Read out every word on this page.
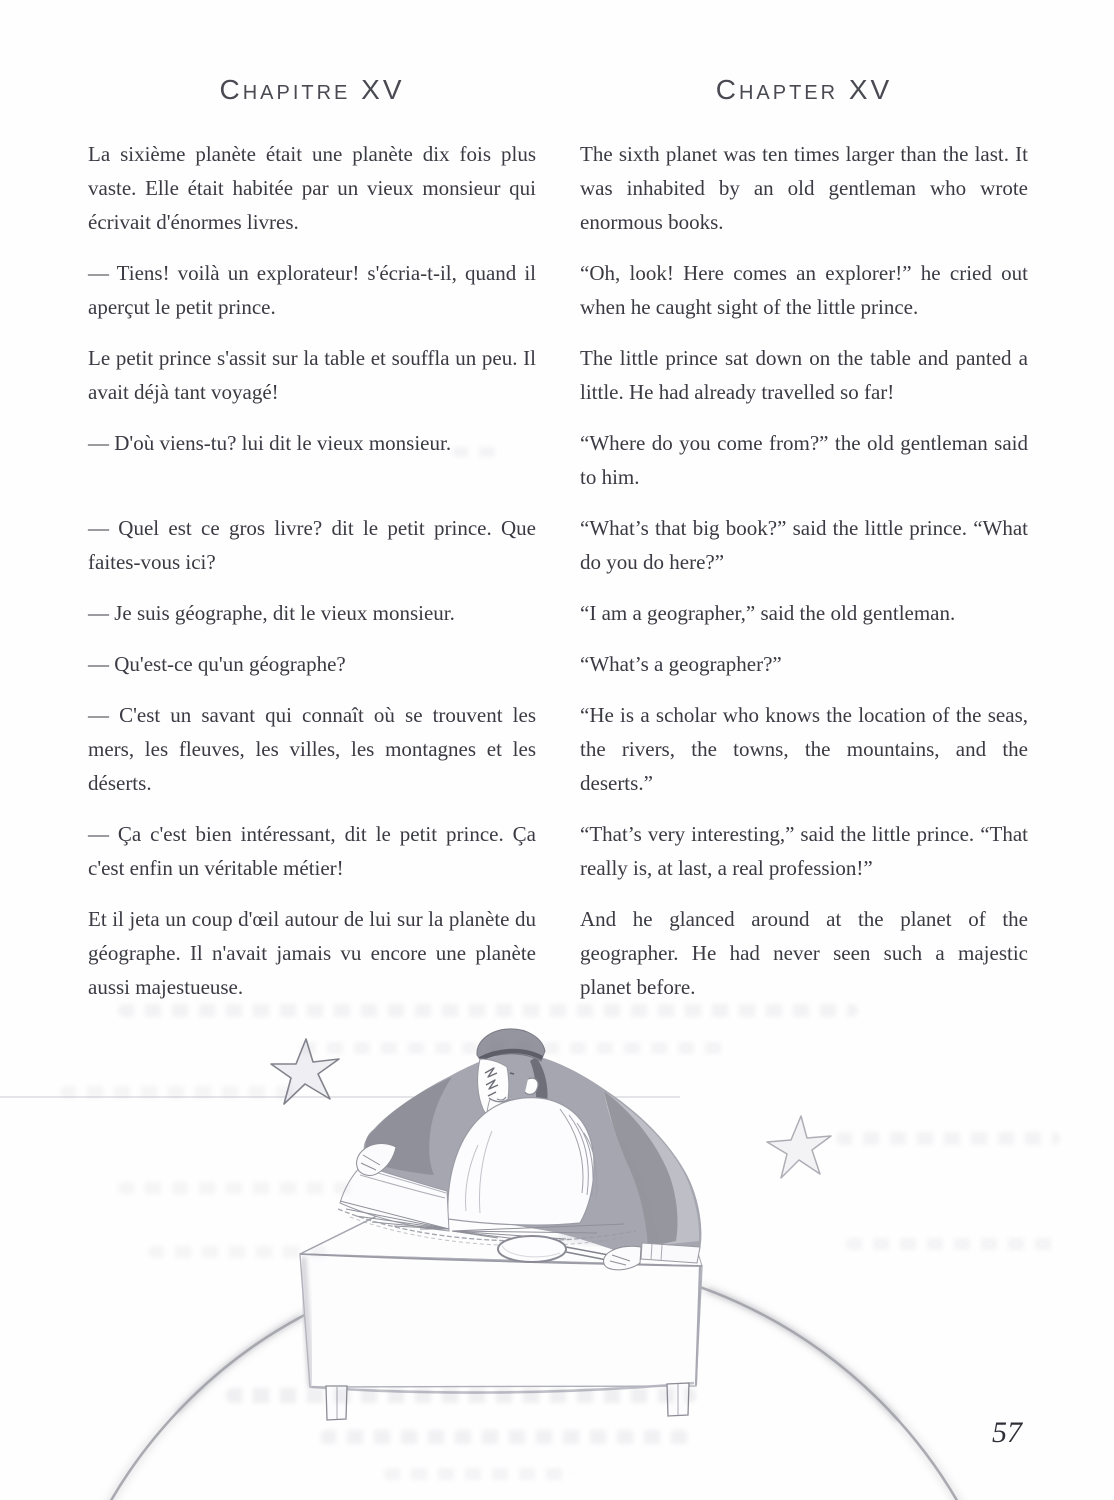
Chapitre XV	Chapter XV

La sixième planète était une planète dix fois plus vaste. Elle était habitée par un vieux monsieur qui écrivait d'énormes livres.

The sixth planet was ten times larger than the last. It was inhabited by an old gentleman who wrote enormous books.

— Tiens! voilà un explorateur! s'écria-t-il, quand il aperçut le petit prince.

“Oh, look! Here comes an explorer!” he cried out when he caught sight of the little prince.

Le petit prince s'assit sur la table et souffla un peu. Il avait déjà tant voyagé!

The little prince sat down on the table and panted a little. He had already travelled so far!

— D'où viens-tu? lui dit le vieux monsieur.	“Where do you come from?” the old gentleman said to him.

— Quel est ce gros livre? dit le petit prince. Que faites-vous ici?

“What’s that big book?” said the little prince. “What do you do here?”

— Je suis géographe, dit le vieux monsieur.	“I am a geographer,” said the old gentleman.

— Qu'est-ce qu'un géographe?	“What’s a geographer?”

— C'est un savant qui connaît où se trouvent les mers, les fleuves, les villes, les montagnes et les déserts.

“He is a scholar who knows the location of the seas, the rivers, the towns, the mountains, and the deserts.”

— Ça c'est bien intéressant, dit le petit prince. Ça c'est enfin un véritable métier!

“That’s very interesting,” said the little prince. “That really is, at last, a real profession!”

Et il jeta un coup d'œil autour de lui sur la planète du géographe. Il n'avait jamais vu encore une planète aussi majestueuse.

And he glanced around at the planet of the geographer. He had never seen such a majestic planet before.

57
